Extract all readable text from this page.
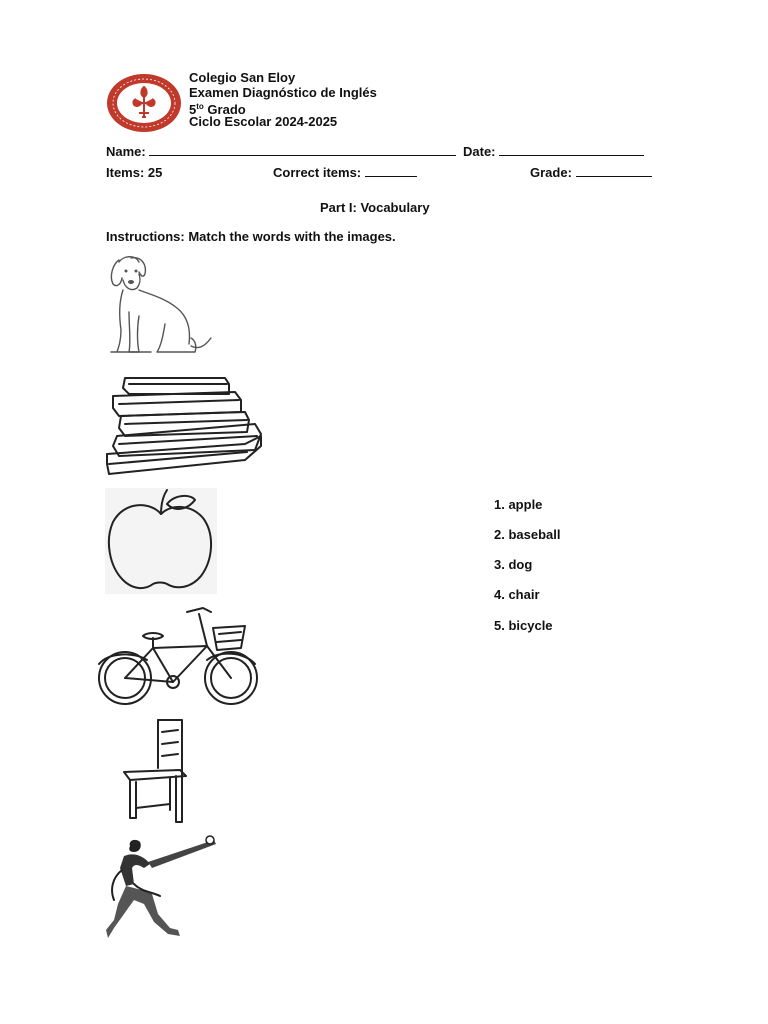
Colegio San Eloy
Examen Diagnóstico de Inglés
$5^{to}$ Grado
Ciclo Escolar 2024-2025
Name:	Date:
Items: 25	Correct items:	Grade:
Part I: Vocabulary
Instructions: Match the words with the images.
1. apple
2. baseball
3. dog
4. chair
5. bicycle
